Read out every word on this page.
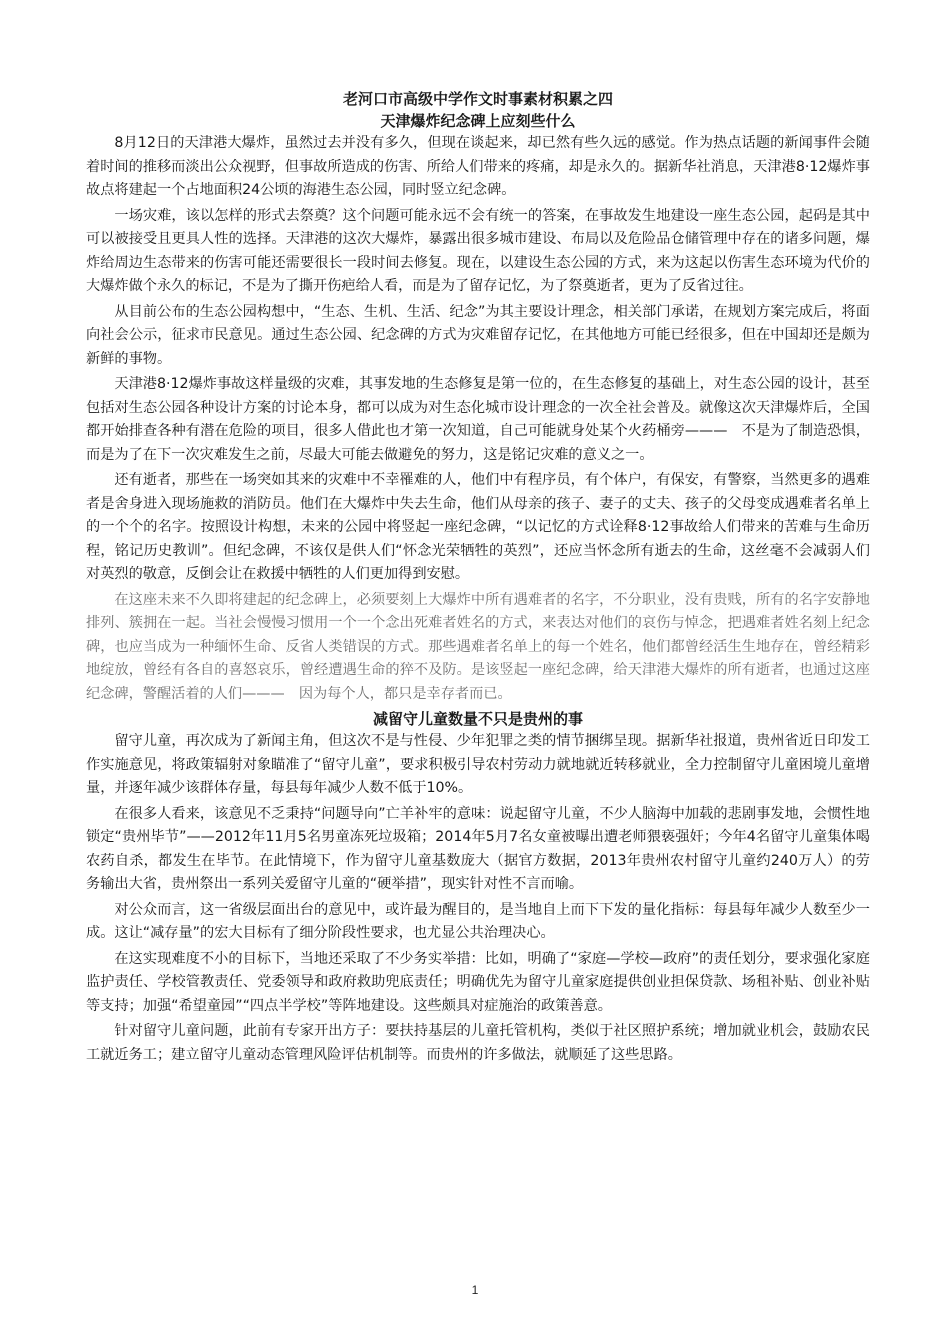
老河口市高级中学作文时事素材积累之四
天津爆炸纪念碑上应刻些什么

8月12日的天津港大爆炸，虽然过去并没有多久，但现在谈起来，却已然有些久远的感觉。作为热点话题的新闻事件会随着时间的推移而淡出公众视野，但事故所造成的伤害、所给人们带来的疼痛，却是永久的。据新华社消息，天津港8·12爆炸事故点将建起一个占地面积24公顷的海港生态公园，同时竖立纪念碑。

一场灾难，该以怎样的形式去祭奠？这个问题可能永远不会有统一的答案，在事故发生地建设一座生态公园，起码是其中可以被接受且更具人性的选择。天津港的这次大爆炸，暴露出很多城市建设、布局以及危险品仓储管理中存在的诸多问题，爆炸给周边生态带来的伤害可能还需要很长一段时间去修复。现在，以建设生态公园的方式，来为这起以伤害生态环境为代价的大爆炸做个永久的标记，不是为了撕开伤疤给人看，而是为了留存记忆，为了祭奠逝者，更为了反省过往。

从目前公布的生态公园构想中，“生态、生机、生活、纪念”为其主要设计理念，相关部门承诺，在规划方案完成后，将面向社会公示，征求市民意见。通过生态公园、纪念碑的方式为灾难留存记忆，在其他地方可能已经很多，但在中国却还是颇为新鲜的事物。

天津港8·12爆炸事故这样量级的灾难，其事发地的生态修复是第一位的，在生态修复的基础上，对生态公园的设计，甚至包括对生态公园各种设计方案的讨论本身，都可以成为对生态化城市设计理念的一次全社会普及。就像这次天津爆炸后，全国都开始排查各种有潜在危险的项目，很多人借此也才第一次知道，自己可能就身处某个火药桶旁———　不是为了制造恐惧，而是为了在下一次灾难发生之前，尽最大可能去做避免的努力，这是铭记灾难的意义之一。

还有逝者，那些在一场突如其来的灾难中不幸罹难的人，他们中有程序员，有个体户，有保安，有警察，当然更多的遇难者是舍身进入现场施救的消防员。他们在大爆炸中失去生命，他们从母亲的孩子、妻子的丈夫、孩子的父母变成遇难者名单上的一个个的名字。按照设计构想，未来的公园中将竖起一座纪念碑，“以记忆的方式诠释8·12事故给人们带来的苦难与生命历程，铭记历史教训”。但纪念碑，不该仅是供人们“怀念光荣牺牲的英烈”，还应当怀念所有逝去的生命，这丝毫不会减弱人们对英烈的敬意，反倒会让在救援中牺牲的人们更加得到安慰。

在这座未来不久即将建起的纪念碑上，必须要刻上大爆炸中所有遇难者的名字，不分职业，没有贵贱，所有的名字安静地排列、簇拥在一起。当社会慢慢习惯用一个一个念出死难者姓名的方式，来表达对他们的哀伤与悼念，把遇难者姓名刻上纪念碑，也应当成为一种缅怀生命、反省人类错误的方式。那些遇难者名单上的每一个姓名，他们都曾经活生生地存在，曾经精彩地绽放，曾经有各自的喜怒哀乐，曾经遭遇生命的猝不及防。是该竖起一座纪念碑，给天津港大爆炸的所有逝者，也通过这座纪念碑，警醒活着的人们———　因为每个人，都只是幸存者而已。

减留守儿童数量不只是贵州的事

留守儿童，再次成为了新闻主角，但这次不是与性侵、少年犯罪之类的情节捆绑呈现。据新华社报道，贵州省近日印发工作实施意见，将政策辐射对象瞄准了“留守儿童”，要求积极引导农村劳动力就地就近转移就业，全力控制留守儿童困境儿童增量，并逐年减少该群体存量，每县每年减少人数不低于10%。

在很多人看来，该意见不乏秉持“问题导向”亡羊补牢的意味：说起留守儿童，不少人脑海中加载的悲剧事发地，会惯性地锁定“贵州毕节”——2012年11月5名男童冻死垃圾箱；2014年5月7名女童被曝出遭老师猥亵强奸；今年4名留守儿童集体喝农药自杀，都发生在毕节。在此情境下，作为留守儿童基数庞大（据官方数据，2013年贵州农村留守儿童约240万人）的劳务输出大省，贵州祭出一系列关爱留守儿童的“硬举措”，现实针对性不言而喻。

对公众而言，这一省级层面出台的意见中，或许最为醒目的，是当地自上而下下发的量化指标：每县每年减少人数至少一成。这让“减存量”的宏大目标有了细分阶段性要求，也尤显公共治理决心。

在这实现难度不小的目标下，当地还采取了不少务实举措：比如，明确了“家庭—学校—政府”的责任划分，要求强化家庭监护责任、学校管教责任、党委领导和政府救助兜底责任；明确优先为留守儿童家庭提供创业担保贷款、场租补贴、创业补贴等支持；加强“希望童园”“四点半学校”等阵地建设。这些颇具对症施治的政策善意。

针对留守儿童问题，此前有专家开出方子：要扶持基层的儿童托管机构，类似于社区照护系统；增加就业机会，鼓励农民工就近务工；建立留守儿童动态管理风险评估机制等。而贵州的许多做法，就顺延了这些思路。

1
